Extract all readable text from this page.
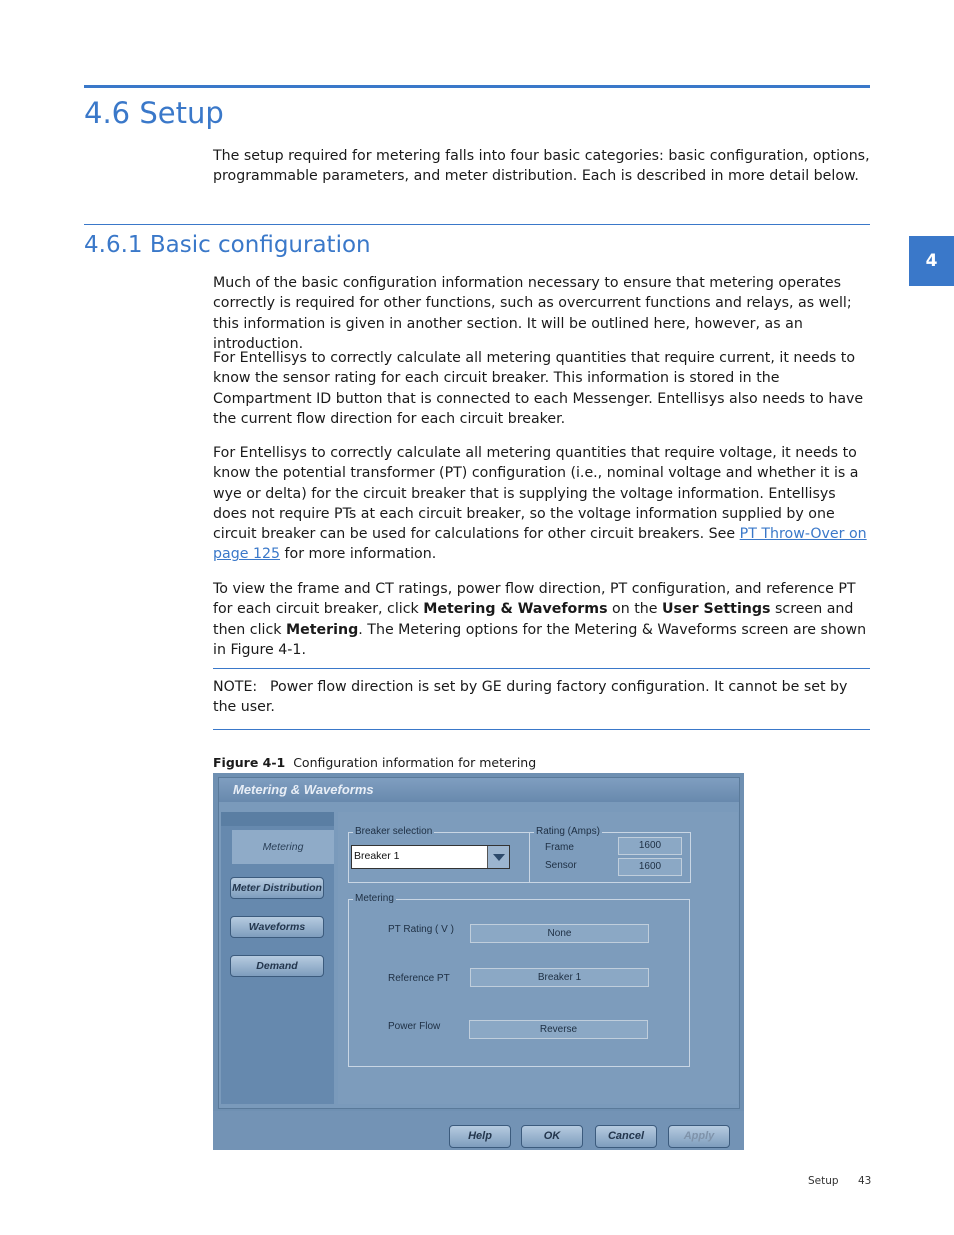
4.6 Setup

The setup required for metering falls into four basic categories: basic configuration, options, programmable parameters, and meter distribution. Each is described in more detail below.

4.6.1 Basic configuration
4

Much of the basic configuration information necessary to ensure that metering operates correctly is required for other functions, such as overcurrent functions and relays, as well; this information is given in another section. It will be outlined here, however, as an introduction.

For Entellisys to correctly calculate all metering quantities that require current, it needs to know the sensor rating for each circuit breaker. This information is stored in the Compartment ID button that is connected to each Messenger. Entellisys also needs to have the current flow direction for each circuit breaker.

For Entellisys to correctly calculate all metering quantities that require voltage, it needs to know the potential transformer (PT) configuration (i.e., nominal voltage and whether it is a wye or delta) for the circuit breaker that is supplying the voltage information. Entellisys does not require PTs at each circuit breaker, so the voltage information supplied by one circuit breaker can be used for calculations for other circuit breakers. See PT Throw-Over on page 125 for more information.

To view the frame and CT ratings, power flow direction, PT configuration, and reference PT for each circuit breaker, click Metering & Waveforms on the User Settings screen and then click Metering. The Metering options for the Metering & Waveforms screen are shown in Figure 4-1.

NOTE: Power flow direction is set by GE during factory configuration. It cannot be set by the user.

Figure 4-1 Configuration information for metering
Metering & Waveforms
Metering
Meter Distribution
Waveforms
Demand
Breaker selection
Breaker 1
Rating (Amps)
Frame	1600
Sensor	1600
Metering
PT Rating ( V )	None
Reference PT	Breaker 1
Power Flow	Reverse
Help	OK	Cancel	Apply
Setup 43
